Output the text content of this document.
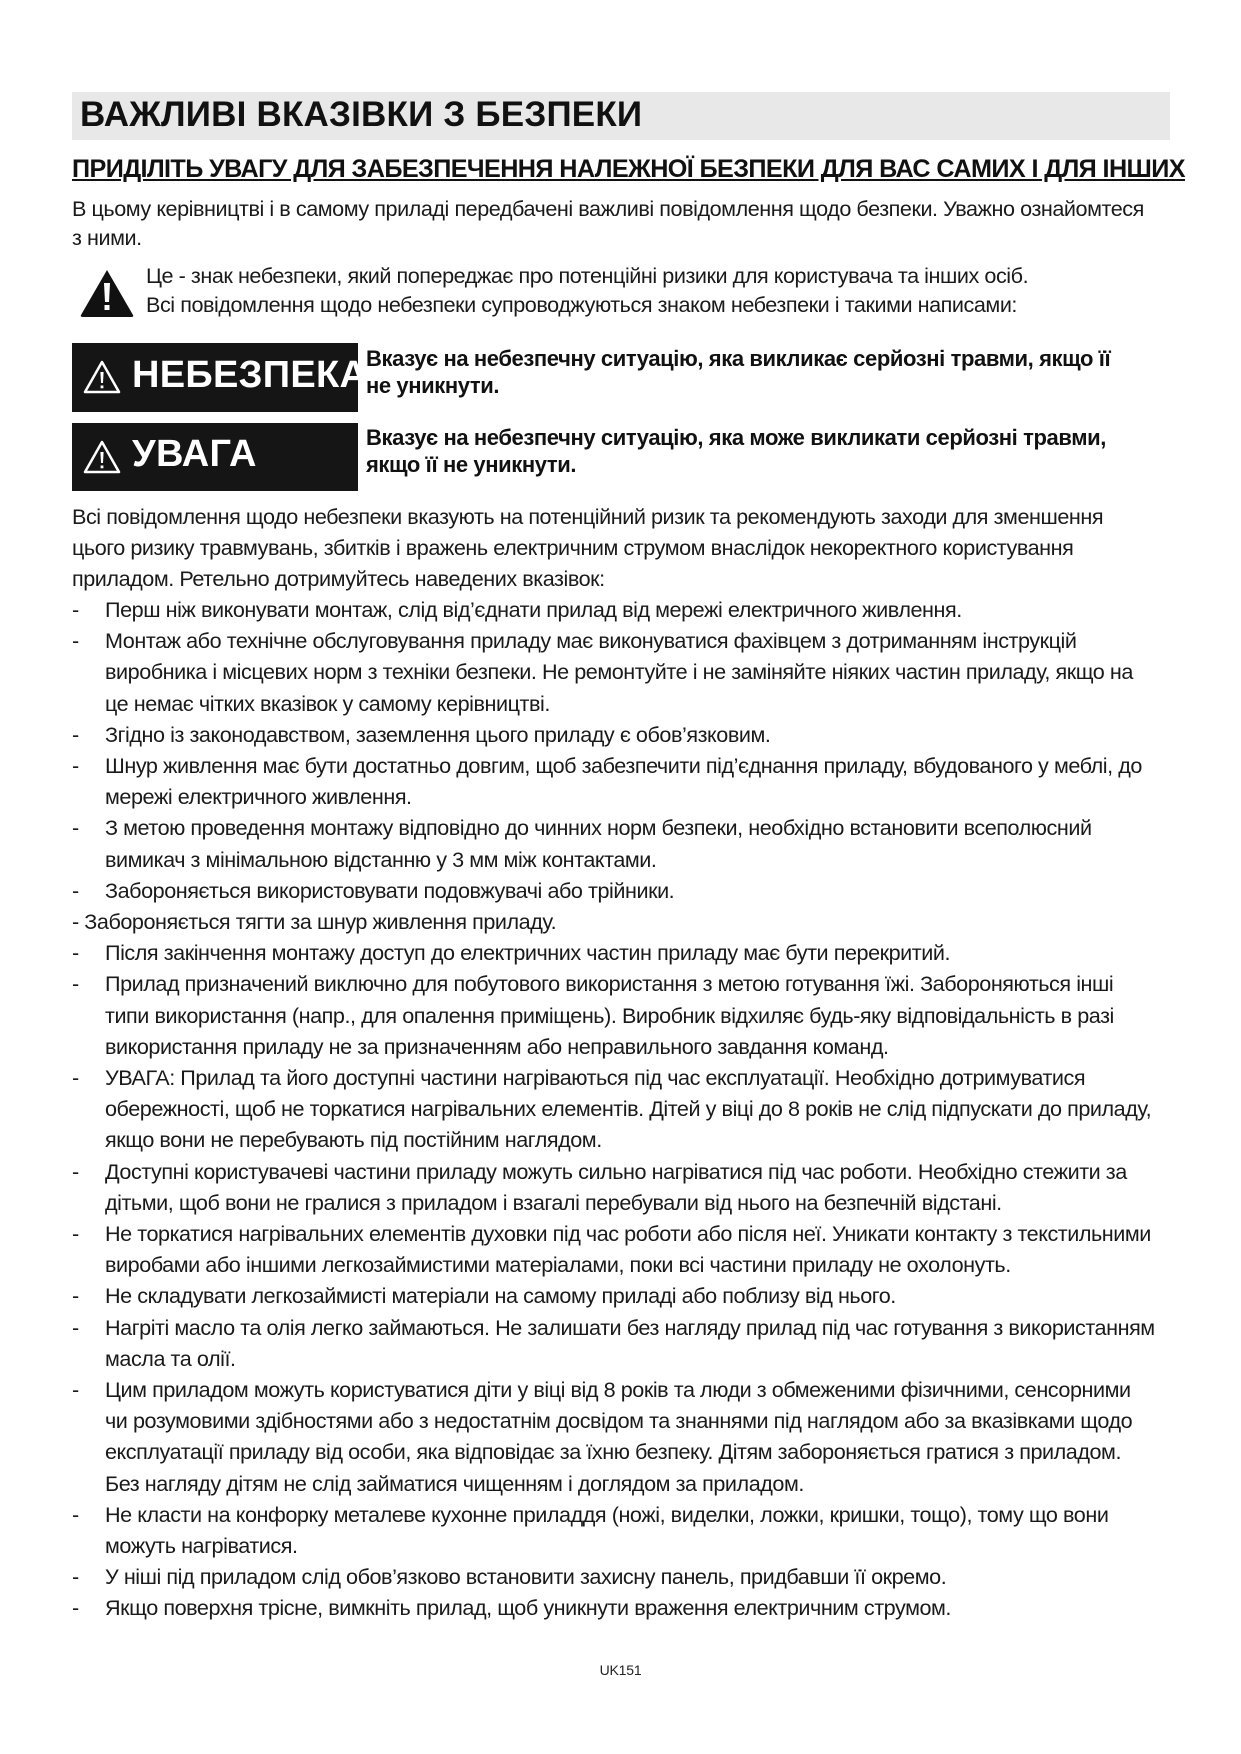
ВАЖЛИВІ ВКАЗІВКИ З БЕЗПЕКИ
ПРИДІЛІТЬ УВАГУ ДЛЯ ЗАБЕЗПЕЧЕННЯ НАЛЕЖНОЇ БЕЗПЕКИ ДЛЯ ВАС САМИХ І ДЛЯ ІНШИХ
В цьому керівництві і в самому приладі передбачені важливі повідомлення щодо безпеки. Уважно ознайомтеся
з ними.
Це - знак небезпеки, який попереджає про потенційні ризики для користувача та інших осіб.
Всі повідомлення щодо небезпеки супроводжуються знаком небезпеки і такими написами:
НЕБЕЗПЕКА
Вказує на небезпечну ситуацію, яка викликає серйозні травми, якщо її
не уникнути.
УВАГА	Вказує на небезпечну ситуацію, яка може викликати серйозні травми,
якщо її не уникнути.
Всі повідомлення щодо небезпеки вказують на потенційний ризик та рекомендують заходи для зменшення
цього ризику травмувань, збитків і вражень електричним струмом внаслідок некоректного користування
приладом. Ретельно дотримуйтесь наведених вказівок:
- Перш ніж виконувати монтаж, слід від’єднати прилад від мережі електричного живлення.
- Монтаж або технічне обслуговування приладу має виконуватися фахівцем з дотриманням інструкцій
виробника і місцевих норм з техніки безпеки. Не ремонтуйте і не заміняйте ніяких частин приладу, якщо на
це немає чітких вказівок у самому керівництві.
- Згідно із законодавством, заземлення цього приладу є обов’язковим.
- Шнур живлення має бути достатньо довгим, щоб забезпечити під’єднання приладу, вбудованого у меблі, до
мережі електричного живлення.
- З метою проведення монтажу відповідно до чинних норм безпеки, необхідно встановити всеполюсний
вимикач з мінімальною відстанню у 3 мм між контактами.
- Забороняється використовувати подовжувачі або трійники.
- Забороняється тягти за шнур живлення приладу.
- Після закінчення монтажу доступ до електричних частин приладу має бути перекритий.
- Прилад призначений виключно для побутового використання з метою готування їжі. Забороняються інші
типи використання (напр., для опалення приміщень). Виробник відхиляє будь-яку відповідальність в разі
використання приладу не за призначенням або неправильного завдання команд.
- УВАГА: Прилад та його доступні частини нагріваються під час експлуатації. Необхідно дотримуватися
обережності, щоб не торкатися нагрівальних елементів. Дітей у віці до 8 років не слід підпускати до приладу,
якщо вони не перебувають під постійним наглядом.
- Доступні користувачеві частини приладу можуть сильно нагріватися під час роботи. Необхідно стежити за
дітьми, щоб вони не гралися з приладом і взагалі перебували від нього на безпечній відстані.
- Не торкатися нагрівальних елементів духовки під час роботи або після неї. Уникати контакту з текстильними
виробами або іншими легкозаймистими матеріалами, поки всі частини приладу не охолонуть.
- Не складувати легкозаймисті матеріали на самому приладі або поблизу від нього.
- Нагріті масло та олія легко займаються. Не залишати без нагляду прилад під час готування з використанням
масла та олії.
- Цим приладом можуть користуватися діти у віці від 8 років та люди з обмеженими фізичними, сенсорними
чи розумовими здібностями або з недостатнім досвідом та знаннями під наглядом або за вказівками щодо
експлуатації приладу від особи, яка відповідає за їхню безпеку. Дітям забороняється гратися з приладом.
Без нагляду дітям не слід займатися чищенням і доглядом за приладом.
- Не класти на конфорку металеве кухонне приладдя (ножі, виделки, ложки, кришки, тощо), тому що вони
можуть нагріватися.
- У ніші під приладом слід обов’язково встановити захисну панель, придбавши її окремо.
- Якщо поверхня трісне, вимкніть прилад, щоб уникнути враження електричним струмом.
UK151
